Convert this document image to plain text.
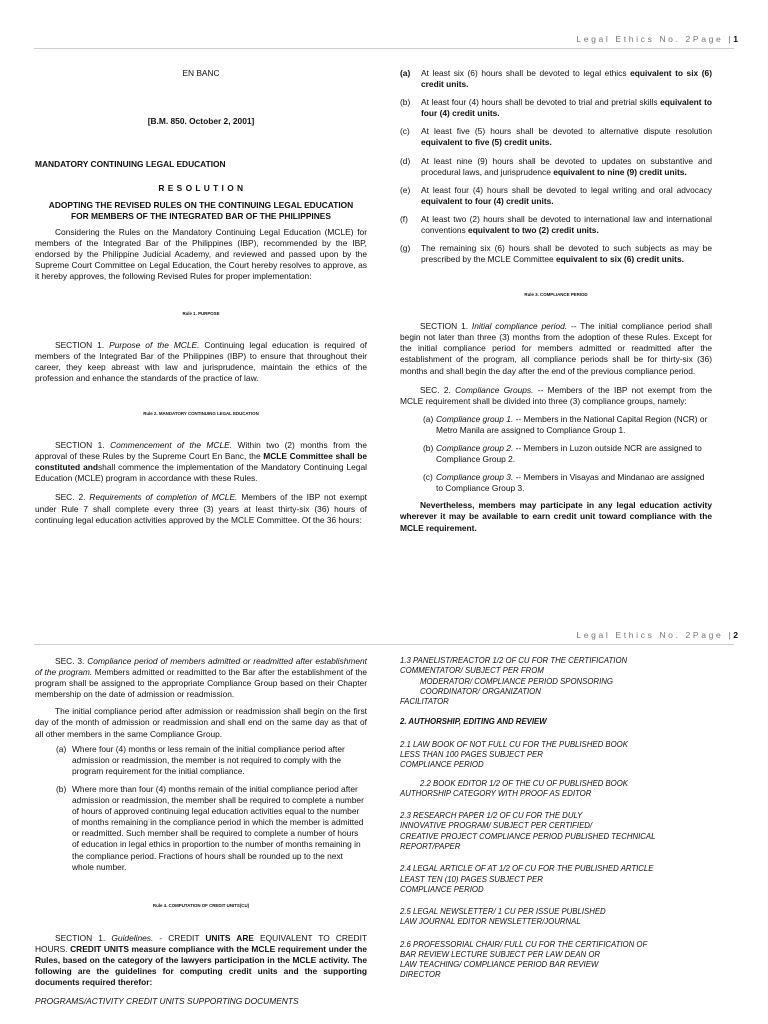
Legal Ethics No. 2Page |1

EN BANC

[B.M. 850. October 2, 2001]

MANDATORY CONTINUING LEGAL EDUCATION

R E S O L U T I O N

ADOPTING THE REVISED RULES ON THE CONTINUING LEGAL EDUCATION

FOR MEMBERS OF THE INTEGRATED BAR OF THE PHILIPPINES

Considering the Rules on the Mandatory Continuing Legal Education (MCLE) for members of the Integrated Bar of the Philippines (IBP), recommended by the IBP, endorsed by the Philippine Judicial Academy, and reviewed and passed upon by the Supreme Court Committee on Legal Education, the Court hereby resolves to approve, as it hereby approves, the following Revised Rules for proper implementation:

Rule 1. PURPOSE

SECTION 1. Purpose of the MCLE. Continuing legal education is required of members of the Integrated Bar of the Philippines (IBP) to ensure that throughout their career, they keep abreast with law and jurisprudence, maintain the ethics of the profession and enhance the standards of the practice of law.

Rule 2. MANDATORY CONTINUING LEGAL EDUCATION

SECTION 1. Commencement of the MCLE. Within two (2) months from the approval of these Rules by the Supreme Court En Banc, the MCLE Committee shall be constituted andshall commence the implementation of the Mandatory Continuing Legal Education (MCLE) program in accordance with these Rules.

SEC. 2. Requirements of completion of MCLE. Members of the IBP not exempt under Rule 7 shall complete every three (3) years at least thirty-six (36) hours of continuing legal education activities approved by the MCLE Committee. Of the 36 hours:

(a) At least six (6) hours shall be devoted to legal ethics equivalent to six (6) credit units.

(b) At least four (4) hours shall be devoted to trial and pretrial skills equivalent to four (4) credit units.

(c) At least five (5) hours shall be devoted to alternative dispute resolution equivalent to five (5) credit units.

(d) At least nine (9) hours shall be devoted to updates on substantive and procedural laws, and jurisprudence equivalent to nine (9) credit units.

(e) At least four (4) hours shall be devoted to legal writing and oral advocacy equivalent to four (4) credit units.

(f) At least two (2) hours shall be devoted to international law and international conventions equivalent to two (2) credit units.

(g) The remaining six (6) hours shall be devoted to such subjects as may be prescribed by the MCLE Committee equivalent to six (6) credit units.

Rule 3. COMPLIANCE PERIOD

SECTION 1. Initial compliance period. -- The initial compliance period shall begin not later than three (3) months from the adoption of these Rules. Except for the initial compliance period for members admitted or readmitted after the establishment of the program, all compliance periods shall be for thirty-six (36) months and shall begin the day after the end of the previous compliance period.

SEC. 2. Compliance Groups. -- Members of the IBP not exempt from the MCLE requirement shall be divided into three (3) compliance groups, namely:

(a) Compliance group 1. -- Members in the National Capital Region (NCR) or Metro Manila are assigned to Compliance Group 1.

(b) Compliance group 2. -- Members in Luzon outside NCR are assigned to Compliance Group 2.

(c) Compliance group 3. -- Members in Visayas and Mindanao are assigned to Compliance Group 3.

Nevertheless, members may participate in any legal education activity wherever it may be available to earn credit unit toward compliance with the MCLE requirement.

Legal Ethics No. 2Page |2

SEC. 3. Compliance period of members admitted or readmitted after establishment of the program. Members admitted or readmitted to the Bar after the establishment of the program shall be assigned to the appropriate Compliance Group based on their Chapter membership on the date of admission or readmission.

The initial compliance period after admission or readmission shall begin on the first day of the month of admission or readmission and shall end on the same day as that of all other members in the same Compliance Group.

(a) Where four (4) months or less remain of the initial compliance period after admission or readmission, the member is not required to comply with the program requirement for the initial compliance.

(b) Where more than four (4) months remain of the initial compliance period after admission or readmission, the member shall be required to complete a number of hours of approved continuing legal education activities equal to the number of months remaining in the compliance period in which the member is admitted or readmitted. Such member shall be required to complete a number of hours of education in legal ethics in proportion to the number of months remaining in the compliance period. Fractions of hours shall be rounded up to the next whole number.

Rule 4. COMPUTATION OF CREDIT UNITS(CU)

SECTION 1. Guidelines. - CREDIT UNITS ARE EQUIVALENT TO CREDIT HOURS. CREDIT UNITS measure compliance with the MCLE requirement under the Rules, based on the category of the lawyers participation in the MCLE activity. The following are the guidelines for computing credit units and the supporting documents required therefor:

PROGRAMS/ACTIVITY CREDIT UNITS SUPPORTING DOCUMENTS

1.3 PANELIST/REACTOR 1/2 OF CU FOR THE CERTIFICATION

COMMENTATOR/ SUBJECT PER FROM

MODERATOR/ COMPLIANCE PERIOD SPONSORING

COORDINATOR/ ORGANIZATION

FACILITATOR

2. AUTHORSHIP, EDITING AND REVIEW

2.1 LAW BOOK OF NOT FULL CU FOR THE PUBLISHED BOOK

LESS THAN 100 PAGES SUBJECT PER

COMPLIANCE PERIOD

2.2 BOOK EDITOR 1/2 OF THE CU OF PUBLISHED BOOK

AUTHORSHIP CATEGORY WITH PROOF AS EDITOR

2.3 RESEARCH PAPER 1/2 OF CU FOR THE DULY

INNOVATIVE PROGRAM/ SUBJECT PER CERTIFIED/

CREATIVE PROJECT COMPLIANCE PERIOD PUBLISHED TECHNICAL

REPORT/PAPER

2.4 LEGAL ARTICLE OF AT 1/2 OF CU FOR THE PUBLISHED ARTICLE

LEAST TEN (10) PAGES SUBJECT PER

COMPLIANCE PERIOD

2.5 LEGAL NEWSLETTER/ 1 CU PER ISSUE PUBLISHED

LAW JOURNAL EDITOR NEWSLETTER/JOURNAL

2.6 PROFESSORIAL CHAIR/ FULL CU FOR THE CERTIFICATION OF

BAR REVIEW LECTURE SUBJECT PER LAW DEAN OR

LAW TEACHING/ COMPLIANCE PERIOD BAR REVIEW

DIRECTOR
